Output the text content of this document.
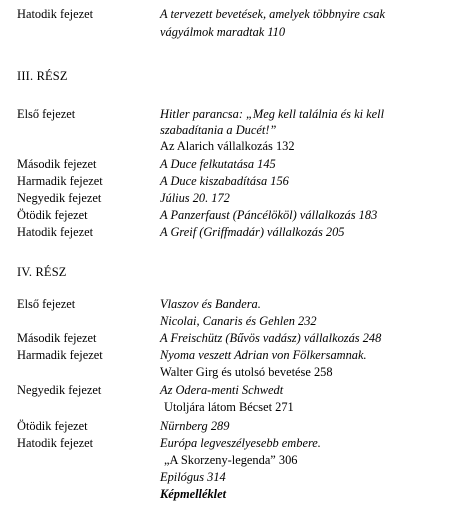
Hatodik fejezet	A tervezett bevetések, amelyek többnyire csak
vágyálmok maradtak 110
III. RÉSZ
Első fejezet	Hitler parancsa: „Meg kell találnia és ki kell
szabadítania a Ducét!”
Az Alarich vállalkozás 132
Második fejezet	A Duce felkutatása 145
Harmadik fejezet	A Duce kiszabadítása 156
Negyedik fejezet	Július 20. 172
Ötödik fejezet	A Panzerfaust (Páncélököl) vállalkozás 183
Hatodik fejezet	A Greif (Griffmadár) vállalkozás 205
IV. RÉSZ
Első fejezet	Vlaszov és Bandera.
Nicolai, Canaris és Gehlen 232
Második fejezet	A Freischütz (Bűvös vadász) vállalkozás 248
Harmadik fejezet	Nyoma veszett Adrian von Fölkersamnak.
Walter Girg és utolsó bevetése 258
Negyedik fejezet	Az Odera-menti Schwedt
Utoljára látom Bécset 271
Ötödik fejezet	Nürnberg 289
Hatodik fejezet	Európa legveszélyesebb embere.
„A Skorzeny-legenda” 306
Epilógus 314
Képmelléklet
